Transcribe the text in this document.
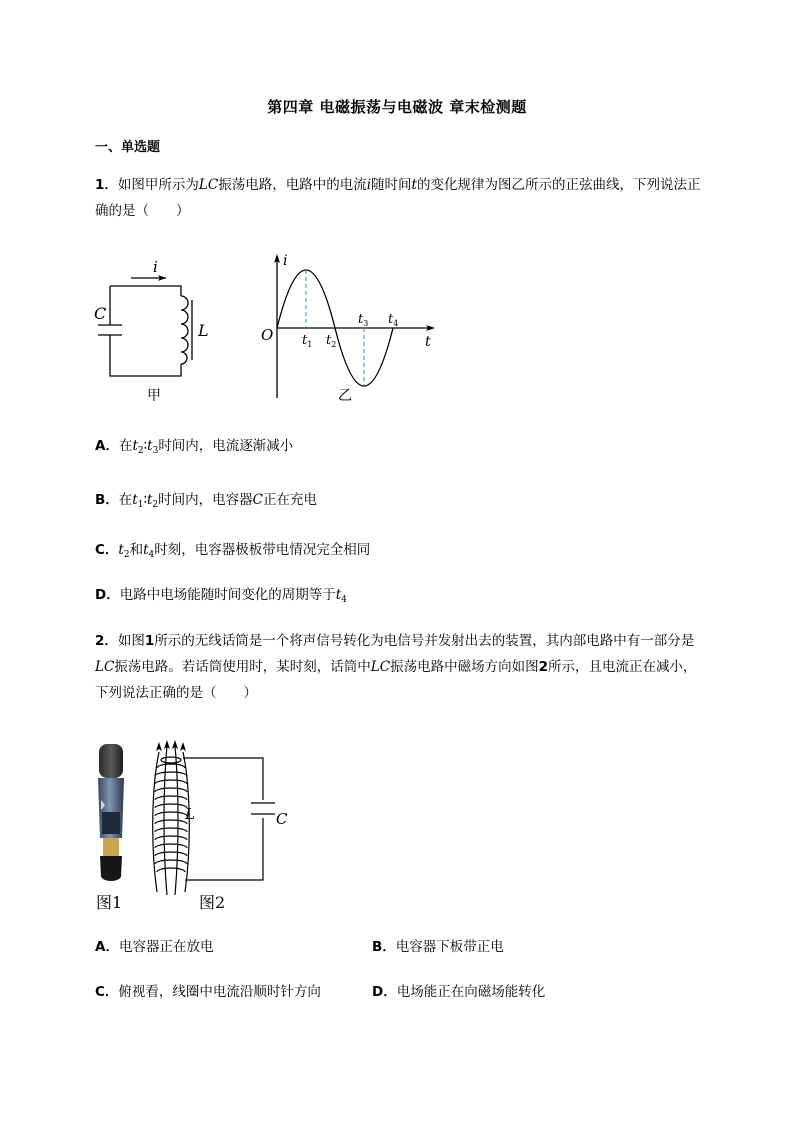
第四章 电磁振荡与电磁波 章末检测题
一、单选题
1．如图甲所示为LC振荡电路，电路中的电流i随时间t的变化规律为图乙所示的正弦曲线，下列说法正确的是（　　）
i
C
L
甲
i
O	t
$t_1$ $t_2$
$t_3$ $t_4$
乙
A．在$t_2∶t_3$时间内，电流逐渐减小
B．在$t_1∶t_2$时间内，电容器C正在充电
C．$t_2$和$t_4$时刻，电容器极板带电情况完全相同
D．电路中电场能随时间变化的周期等于$t_4$
2．如图1所示的无线话筒是一个将声信号转化为电信号并发射出去的装置，其内部电路中有一部分是LC振荡电路。若话筒使用时，某时刻，话筒中LC振荡电路中磁场方向如图2所示，且电流正在减小，下列说法正确的是（　　）
图1
L	C
图2
A．电容器正在放电	B．电容器下板带正电
C．俯视看，线圈中电流沿顺时针方向	D．电场能正在向磁场能转化
